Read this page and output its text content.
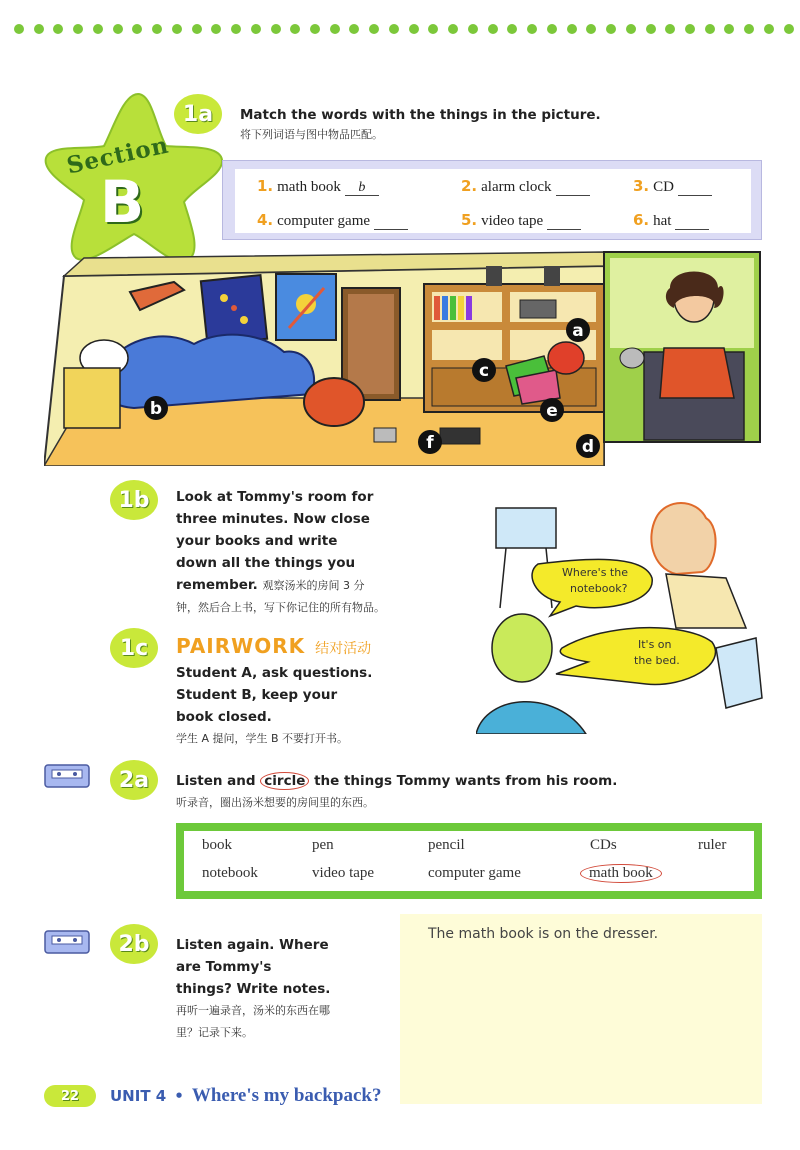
Section
B
1a	Match the words with the things in the picture.
将下列词语与图中物品匹配。
1. math book b	2. alarm clock	3. CD
4. computer game	5. video tape	6. hat
a
b
c
d
e
f
1b	Look at Tommy's room for
three minutes. Now close
your books and write
down all the things you
remember. 观察汤米的房间 3 分
钟，然后合上书，写下你记住的所有物品。
Where's the
notebook?
It's on
the bed.
1c	PAIRWORK 结对活动
Student A, ask questions.
Student B, keep your
book closed.
学生 A 提问，学生 B 不要打开书。
2a	Listen and circle the things Tommy wants from his room.
听录音，圈出汤米想要的房间里的东西。
book	pen	pencil	CDs	ruler
notebook	video tape	computer game	math book
2b	Listen again. Where
are Tommy's
things? Write notes.
再听一遍录音，汤米的东西在哪
里？记录下来。
The math book is on the dresser.
22	UNIT 4 • Where's my backpack?
